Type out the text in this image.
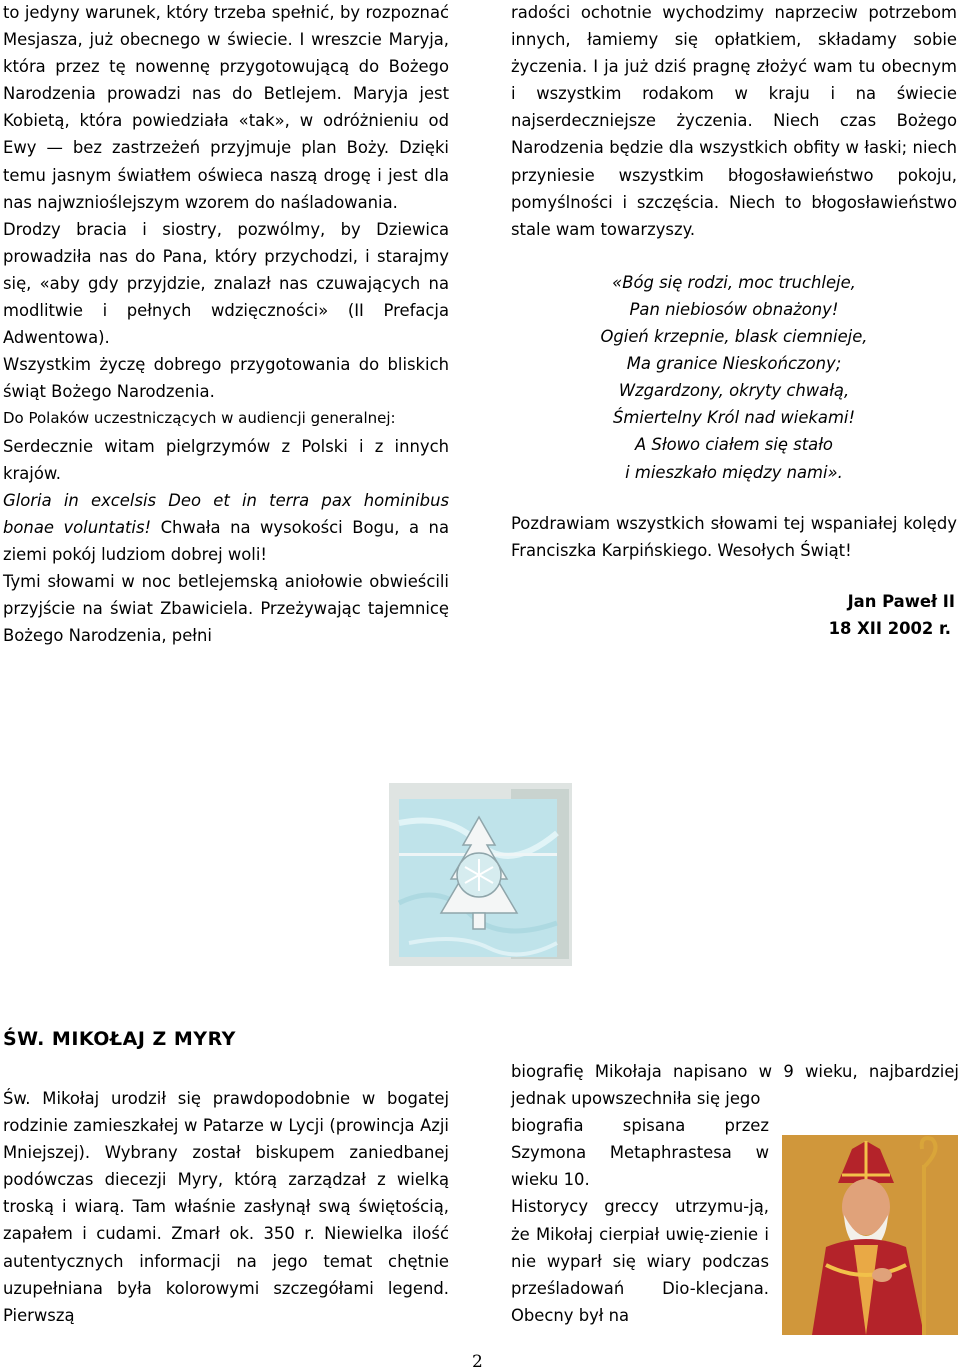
to jedyny warunek, który trzeba spełnić, by rozpoznać Mesjasza, już obecnego w świecie. I wreszcie Maryja, która przez tę nowennę przygotowującą do Bożego Narodzenia prowadzi nas do Betlejem. Maryja jest Kobietą, która powiedziała «tak», w odróżnieniu od Ewy — bez zastrzeżeń przyjmuje plan Boży. Dzięki temu jasnym światłem oświeca naszą drogę i jest dla nas najwznioślejszym wzorem do naśladowania.

Drodzy bracia i siostry, pozwólmy, by Dziewica prowadziła nas do Pana, który przychodzi, i starajmy się, «aby gdy przyjdzie, znalazł nas czuwających na modlitwie i pełnych wdzięczności» (II Prefacja Adwentowa).

Wszystkim życzę dobrego przygotowania do bliskich świąt Bożego Narodzenia.

Do Polaków uczestniczących w audiencji generalnej:

Serdecznie witam pielgrzymów z Polski i z innych krajów.

Gloria in excelsis Deo et in terra pax hominibus bonae voluntatis! Chwała na wysokości Bogu, a na ziemi pokój ludziom dobrej woli!

Tymi słowami w noc betlejemską aniołowie obwieścili przyjście na świat Zbawiciela. Przeżywając tajemnicę Bożego Narodzenia, pełni

radości ochotnie wychodzimy naprzeciw potrzebom innych, łamiemy się opłatkiem, składamy sobie życzenia. I ja już dziś pragnę złożyć wam tu obecnym i wszystkim rodakom w kraju i na świecie najserdeczniejsze życzenia. Niech czas Bożego Narodzenia będzie dla wszystkich obfity w łaski; niech przyniesie wszystkim błogosławieństwo pokoju, pomyślności i szczęścia. Niech to błogosławieństwo stale wam towarzyszy.

«Bóg się rodzi, moc truchleje,
Pan niebiosów obnażony!
Ogień krzepnie, blask ciemnieje,
Ma granice Nieskończony;
Wzgardzony, okryty chwałą,
Śmiertelny Król nad wiekami!
A Słowo ciałem się stało
i mieszkało między nami».

Pozdrawiam wszystkich słowami tej wspaniałej kolędy Franciszka Karpińskiego. Wesołych Świąt!

Jan Paweł II
18 XII 2002 r.
ŚW. MIKOŁAJ Z MYRY

Św. Mikołaj urodził się prawdopodobnie w bogatej rodzinie zamieszkałej w Patarze w Lycji (prowincja Azji Mniejszej). Wybrany został biskupem zaniedbanej podówczas diecezji Myry, którą zarządzał z wielką troską i wiarą. Tam właśnie zasłynął swą świętością, zapałem i cudami. Zmarł ok. 350 r. Niewielka ilość autentycznych informacji na jego temat chętnie uzupełniana była kolorowymi szczegółami legend. Pierwszą

biografię Mikołaja napisano w 9 wieku, najbardziej jednak upowszechniła się jego

biografia spisana przez Szymona Metaphrastesa w wieku 10.

Historycy greccy utrzymu-ją, że Mikołaj cierpiał uwię-zienie i nie wyparł się wiary podczas prześladowań Dio-klecjana. Obecny był na

2
